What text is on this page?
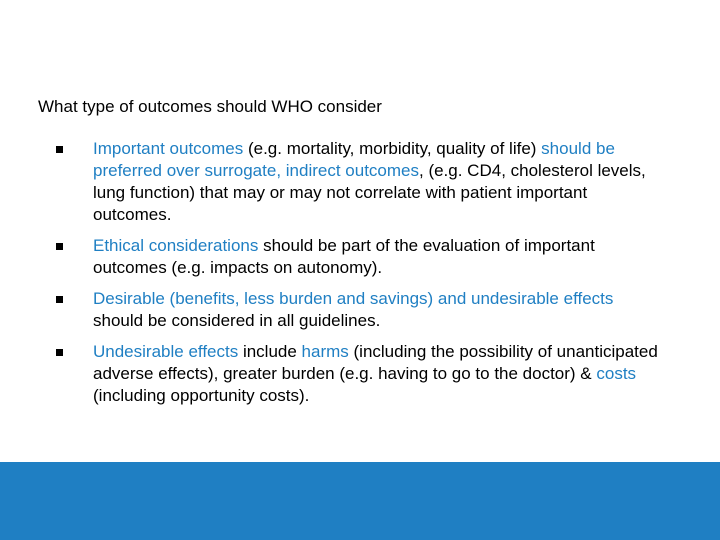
What type of outcomes should WHO consider
Important outcomes (e.g. mortality, morbidity, quality of life) should be preferred over surrogate, indirect outcomes, (e.g. CD4, cholesterol levels, lung function) that may or may not correlate with patient important outcomes.
Ethical considerations should be part of the evaluation of important outcomes (e.g. impacts on autonomy).
Desirable (benefits, less burden and savings) and undesirable effects should be considered in all guidelines.
Undesirable effects include harms (including the possibility of unanticipated adverse effects), greater burden (e.g. having to go to the doctor) & costs (including opportunity costs).
